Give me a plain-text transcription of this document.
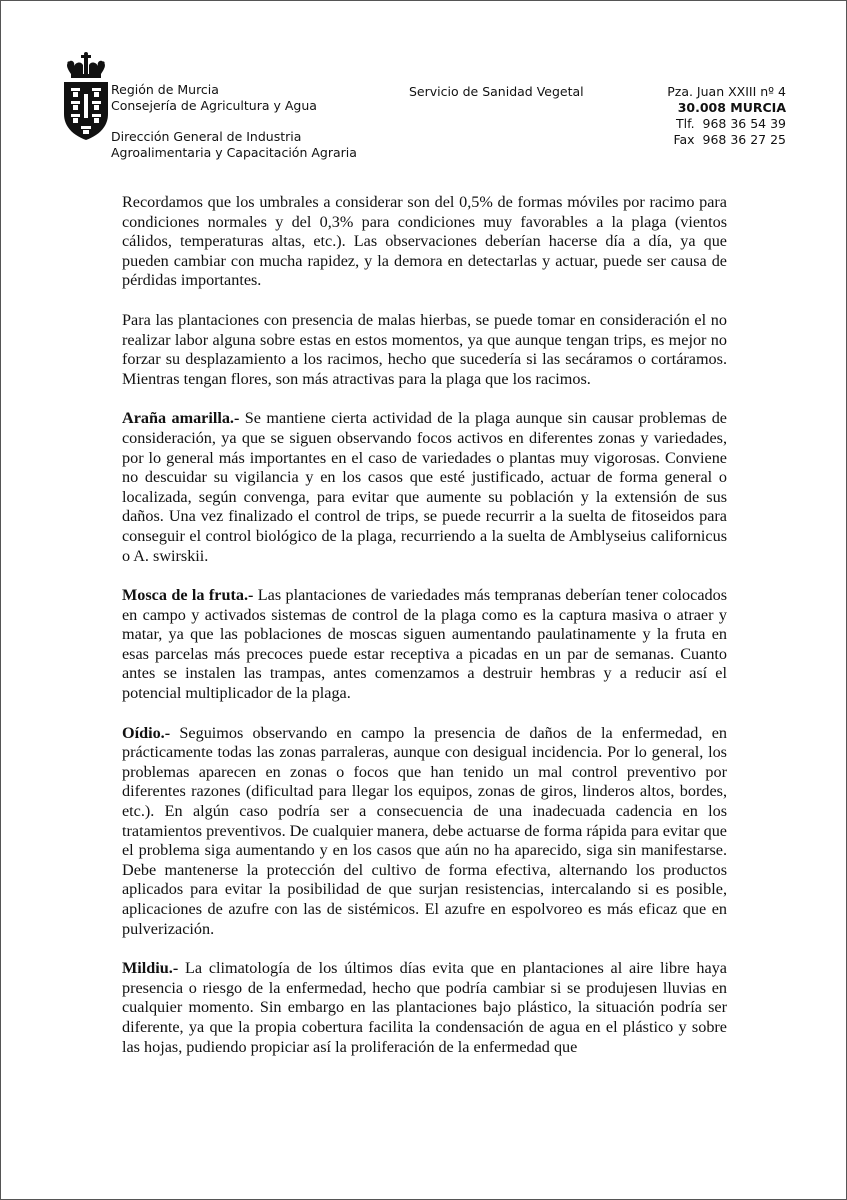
Región de Murcia
Consejería de Agricultura y Agua
Dirección General de Industria
Agroalimentaria y Capacitación Agraria
Servicio de Sanidad Vegetal	Pza. Juan XXIII nº 4
30.008 MURCIA
Tlf.  968 36 54 39
Fax  968 36 27 25

Recordamos que los umbrales a considerar son del 0,5% de formas móviles por racimo para condiciones normales y del 0,3% para condiciones muy favorables a la plaga (vientos cálidos, temperaturas altas, etc.). Las observaciones deberían hacerse día a día, ya que pueden cambiar con mucha rapidez, y la demora en detectarlas y actuar, puede ser causa de pérdidas importantes.

Para las plantaciones con presencia de malas hierbas, se puede tomar en consideración el no realizar labor alguna sobre estas en estos momentos, ya que aunque tengan trips, es mejor no forzar su desplazamiento a los racimos, hecho que sucedería si las secáramos o cortáramos. Mientras tengan flores, son más atractivas para la plaga que los racimos.

Araña amarilla.- Se mantiene cierta actividad de la plaga aunque sin causar problemas de consideración, ya que se siguen observando focos activos en diferentes zonas y variedades, por lo general más importantes en el caso de variedades o plantas muy vigorosas. Conviene no descuidar su vigilancia y en los casos que esté justificado, actuar de forma general o localizada, según convenga, para evitar que aumente su población y la extensión de sus daños. Una vez finalizado el control de trips, se puede recurrir a la suelta de fitoseidos para conseguir el control biológico de la plaga, recurriendo a la suelta de Amblyseius californicus o A. swirskii.

Mosca de la fruta.- Las plantaciones de variedades más tempranas deberían tener colocados en campo y activados sistemas de control de la plaga como es la captura masiva o atraer y matar, ya que las poblaciones de moscas siguen aumentando paulatinamente y la fruta en esas parcelas más precoces puede estar receptiva a picadas en un par de semanas. Cuanto antes se instalen las trampas, antes comenzamos a destruir hembras y a reducir así el potencial multiplicador de la plaga.

Oídio.- Seguimos observando en campo la presencia de daños de la enfermedad, en prácticamente todas las zonas parraleras, aunque con desigual incidencia. Por lo general, los problemas aparecen en zonas o focos que han tenido un mal control preventivo por diferentes razones (dificultad para llegar los equipos, zonas de giros, linderos altos, bordes, etc.). En algún caso podría ser a consecuencia de una inadecuada cadencia en los tratamientos preventivos. De cualquier manera, debe actuarse de forma rápida para evitar que el problema siga aumentando y en los casos que aún no ha aparecido, siga sin manifestarse. Debe mantenerse la protección del cultivo de forma efectiva, alternando los productos aplicados para evitar la posibilidad de que surjan resistencias, intercalando si es posible, aplicaciones de azufre con las de sistémicos. El azufre en espolvoreo es más eficaz que en pulverización.

Mildiu.- La climatología de los últimos días evita que en plantaciones al aire libre haya presencia o riesgo de la enfermedad, hecho que podría cambiar si se produjesen lluvias en cualquier momento. Sin embargo en las plantaciones bajo plástico, la situación podría ser diferente, ya que la propia cobertura facilita la condensación de agua en el plástico y sobre las hojas, pudiendo propiciar así la proliferación de la enfermedad que
